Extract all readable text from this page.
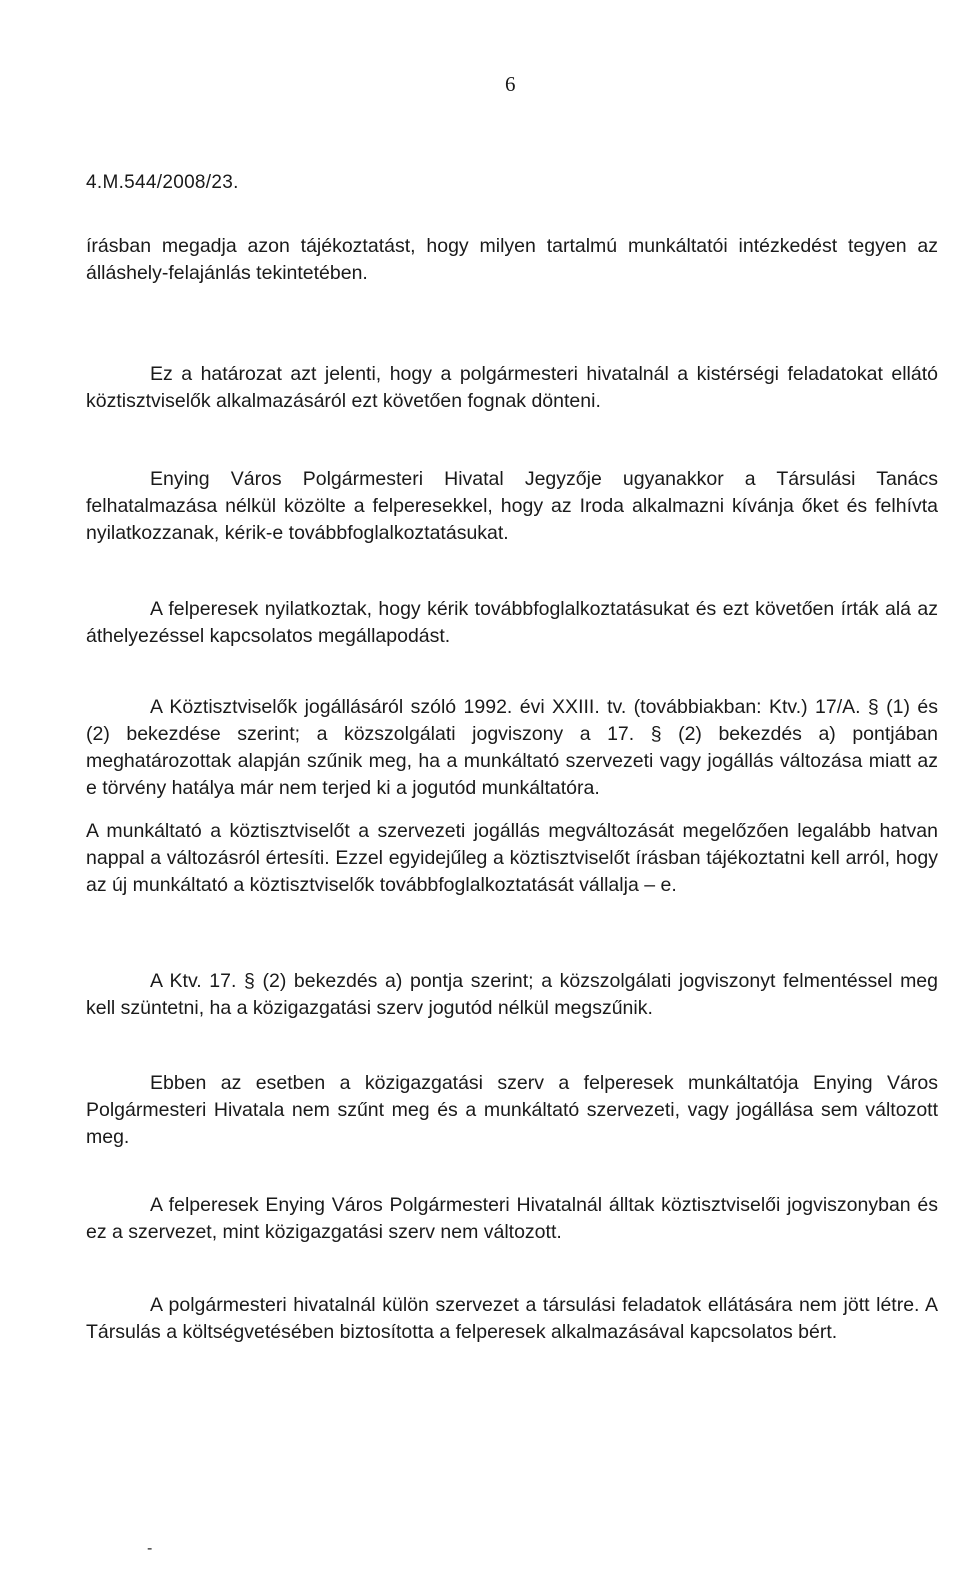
6

4.M.544/2008/23.

írásban megadja azon tájékoztatást, hogy milyen tartalmú munkáltatói intézkedést tegyen az álláshely-felajánlás tekintetében.

Ez a határozat azt jelenti, hogy a polgármesteri hivatalnál a kistérségi feladatokat ellátó köztisztviselők alkalmazásáról ezt követően fognak dönteni.

Enying Város Polgármesteri Hivatal Jegyzője ugyanakkor a Társulási Tanács felhatalmazása nélkül közölte a felperesekkel, hogy az Iroda alkalmazni kívánja őket és felhívta nyilatkozzanak, kérik-e továbbfoglalkoztatásukat.

A felperesek nyilatkoztak, hogy kérik továbbfoglalkoztatásukat és ezt követően írták alá az áthelyezéssel kapcsolatos megállapodást.

A Köztisztviselők jogállásáról szóló 1992. évi XXIII. tv. (továbbiakban: Ktv.) 17/A. § (1) és (2) bekezdése szerint; a közszolgálati jogviszony a 17. § (2) bekezdés a) pontjában meghatározottak alapján szűnik meg, ha a munkáltató szervezeti vagy jogállás változása miatt az e törvény hatálya már nem terjed ki a jogutód munkáltatóra.

A munkáltató a köztisztviselőt a szervezeti jogállás megváltozását megelőzően legalább hatvan nappal a változásról értesíti. Ezzel egyidejűleg a köztisztviselőt írásban tájékoztatni kell arról, hogy az új munkáltató a köztisztviselők továbbfoglalkoztatását vállalja – e.

A Ktv. 17. § (2) bekezdés a) pontja szerint; a közszolgálati jogviszonyt felmentéssel meg kell szüntetni, ha a közigazgatási szerv jogutód nélkül megszűnik.

Ebben az esetben a közigazgatási szerv a felperesek munkáltatója Enying Város Polgármesteri Hivatala nem szűnt meg és a munkáltató szervezeti, vagy jogállása sem változott meg.

A felperesek Enying Város Polgármesteri Hivatalnál álltak köztisztviselői jogviszonyban és ez a szervezet, mint közigazgatási szerv nem változott.

A polgármesteri hivatalnál külön szervezet a társulási feladatok ellátására nem jött létre. A Társulás a költségvetésében biztosította a felperesek alkalmazásával kapcsolatos bért.

-
